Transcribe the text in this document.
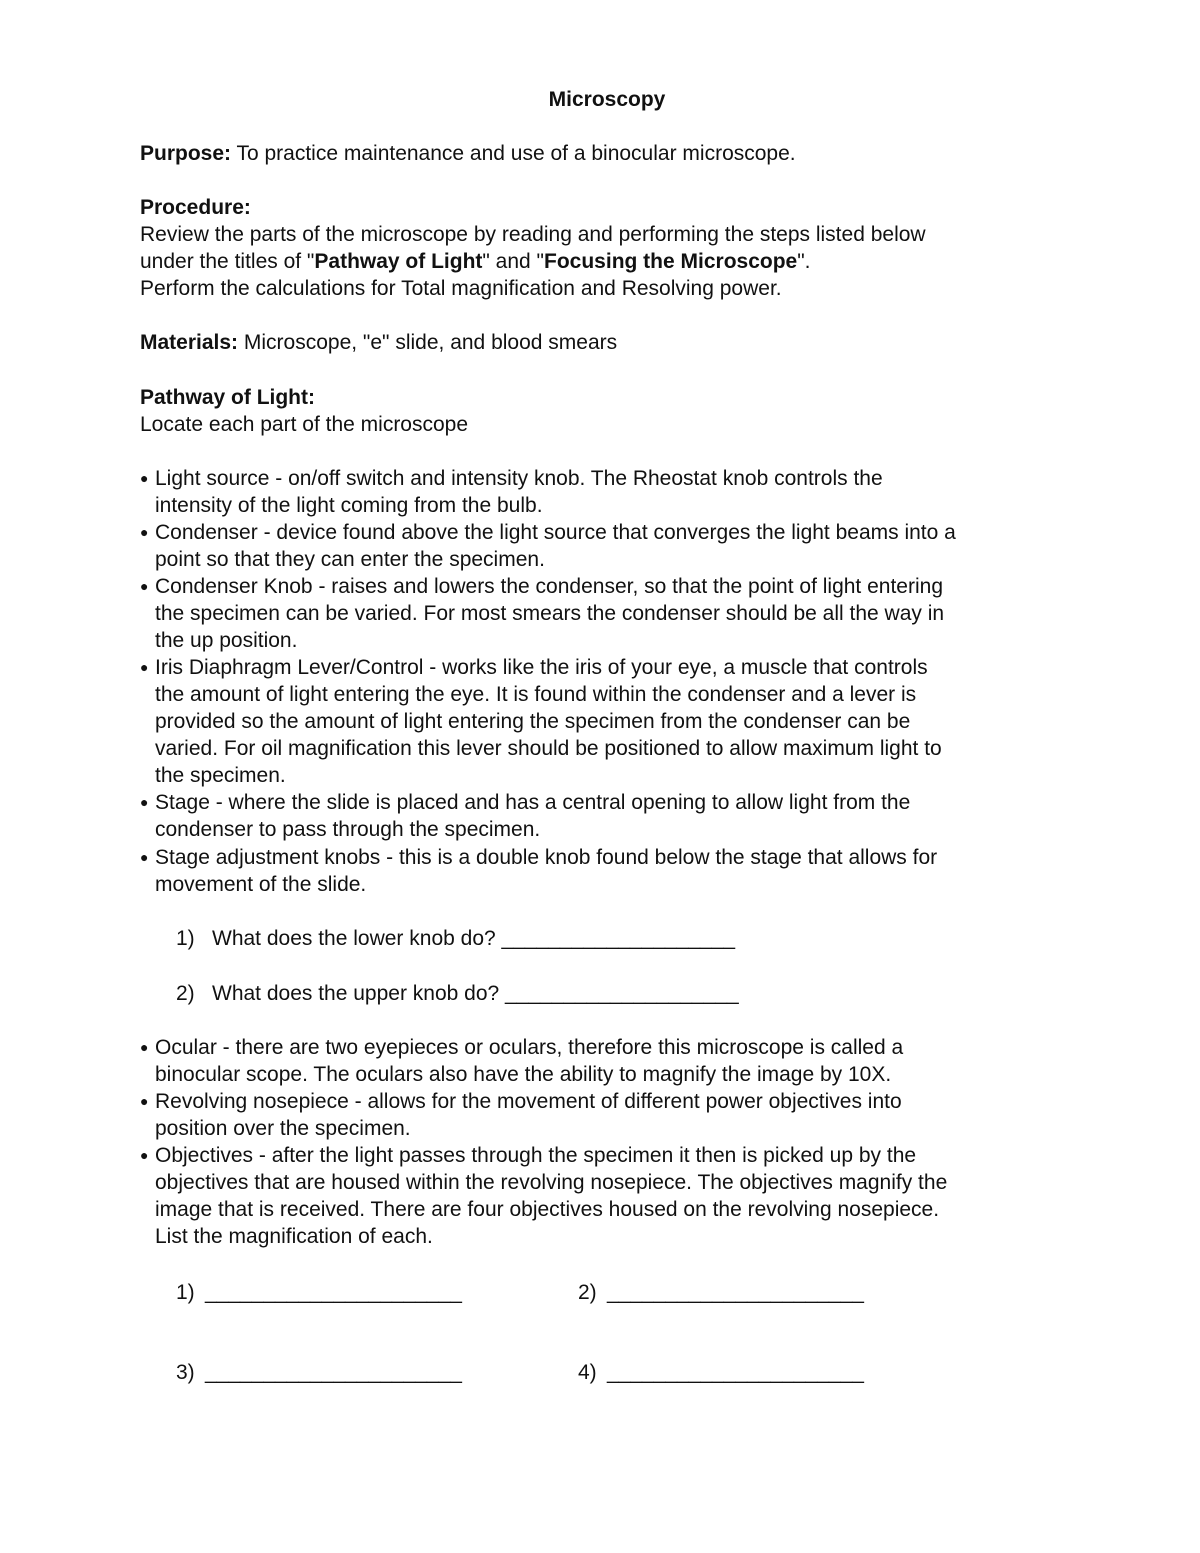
Microscopy
Purpose: To practice maintenance and use of a binocular microscope.
Procedure:
Review the parts of the microscope by reading and performing the steps listed below
under the titles of "Pathway of Light" and "Focusing the Microscope".
Perform the calculations for Total magnification and Resolving power.
Materials: Microscope, "e" slide, and blood smears
Pathway of Light:
Locate each part of the microscope
● Light source - on/off switch and intensity knob. The Rheostat knob controls the
intensity of the light coming from the bulb.
● Condenser - device found above the light source that converges the light beams into a
point so that they can enter the specimen.
● Condenser Knob - raises and lowers the condenser, so that the point of light entering
the specimen can be varied. For most smears the condenser should be all the way in
the up position.
● Iris Diaphragm Lever/Control - works like the iris of your eye, a muscle that controls
the amount of light entering the eye. It is found within the condenser and a lever is
provided so the amount of light entering the specimen from the condenser can be
varied. For oil magnification this lever should be positioned to allow maximum light to
the specimen.
● Stage - where the slide is placed and has a central opening to allow light from the
condenser to pass through the specimen.
● Stage adjustment knobs - this is a double knob found below the stage that allows for
movement of the slide.
1) What does the lower knob do? ____________________
2) What does the upper knob do? ____________________
● Ocular - there are two eyepieces or oculars, therefore this microscope is called a
binocular scope. The oculars also have the ability to magnify the image by 10X.
● Revolving nosepiece - allows for the movement of different power objectives into
position over the specimen.
● Objectives - after the light passes through the specimen it then is picked up by the
objectives that are housed within the revolving nosepiece. The objectives magnify the
image that is received. There are four objectives housed on the revolving nosepiece.
List the magnification of each.
1) ______________________	2) ______________________
3) ______________________	4) ______________________
